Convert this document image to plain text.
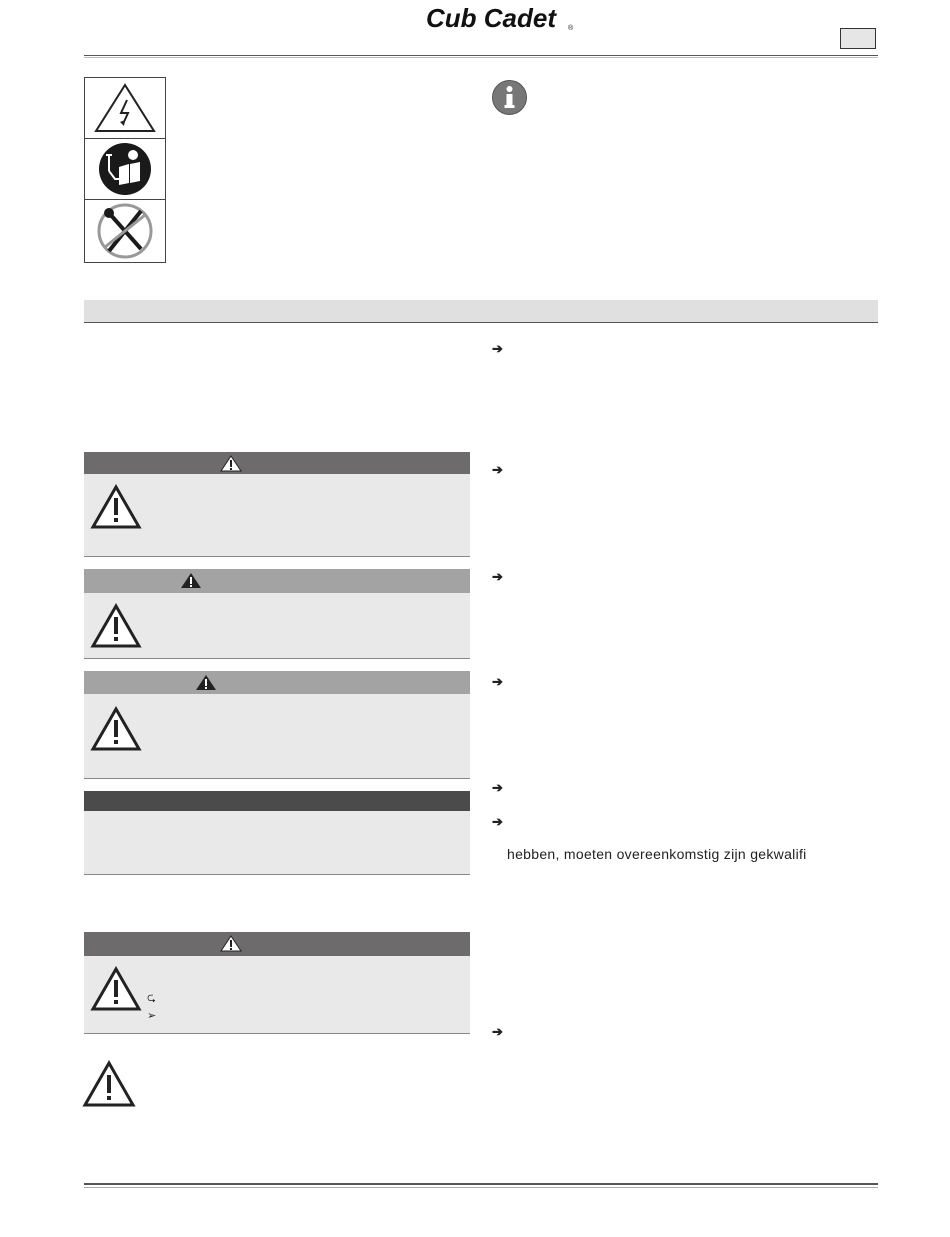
Cub Cadet ®
⮎
➢
➔
➔
➔
➔
➔
➔
hebben, moeten overeenkomstig zijn gekwalifi
➔
